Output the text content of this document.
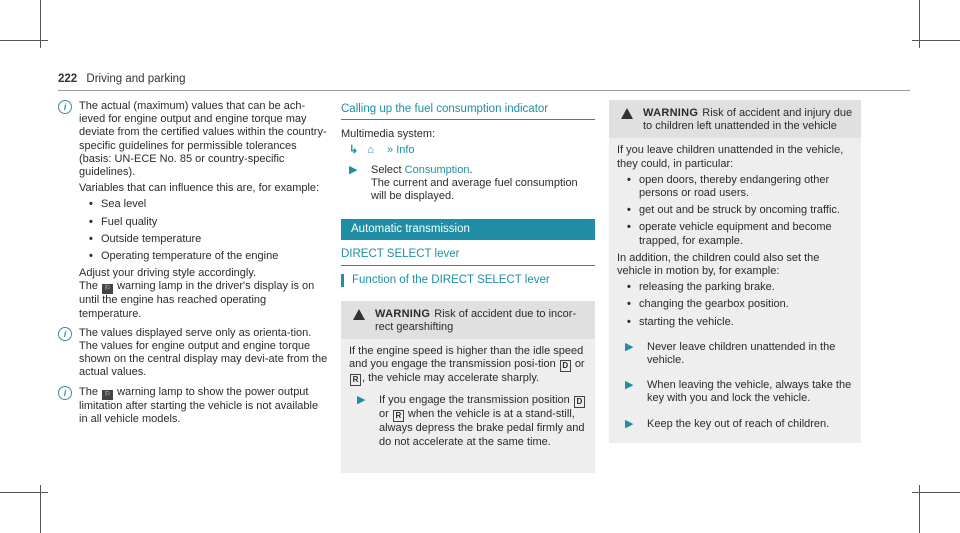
222 Driving and parking
i	The actual (maximum) values that can be ach-ieved for engine output and engine torque may deviate from the certified values within the country-specific guidelines for permissible tolerances (basis: UN-ECE No. 85 or country-specific guidelines).

Variables that can influence this are, for example:

• Sea level
• Fuel quality
• Outside temperature
• Operating temperature of the engine

Adjust your driving style accordingly.
The ⚐ warning lamp in the driver's display is on until the engine has reached operating temperature.

i	The values displayed serve only as orienta-tion. The values for engine output and engine torque shown on the central display may devi-ate from the actual values.

i	The ⚐ warning lamp to show the power output limitation after starting the vehicle is not available in all vehicle models.

Calling up the fuel consumption indicator

Multimedia system:

↳ ⌂ » Info
▶	Select Consumption.
The current and average fuel consumption will be displayed.
Automatic transmission
DIRECT SELECT lever
Function of the DIRECT SELECT lever
WARNING Risk of accident due to incor-rect gearshifting

If the engine speed is higher than the idle speed and you engage the transmission posi-tion D or R , the vehicle may accelerate sharply.

▶	If you engage the transmission position D or R when the vehicle is at a stand-still, always depress the brake pedal firmly and do not accelerate at the same time.
WARNING Risk of accident and injury due to children left unattended in the vehicle

If you leave children unattended in the vehicle, they could, in particular:

• open doors, thereby endangering other persons or road users.
• get out and be struck by oncoming traffic.
• operate vehicle equipment and become trapped, for example.

In addition, the children could also set the vehicle in motion by, for example:

• releasing the parking brake.
• changing the gearbox position.
• starting the vehicle.
▶	Never leave children unattended in the vehicle.
▶	When leaving the vehicle, always take the key with you and lock the vehicle.
▶	Keep the key out of reach of children.
